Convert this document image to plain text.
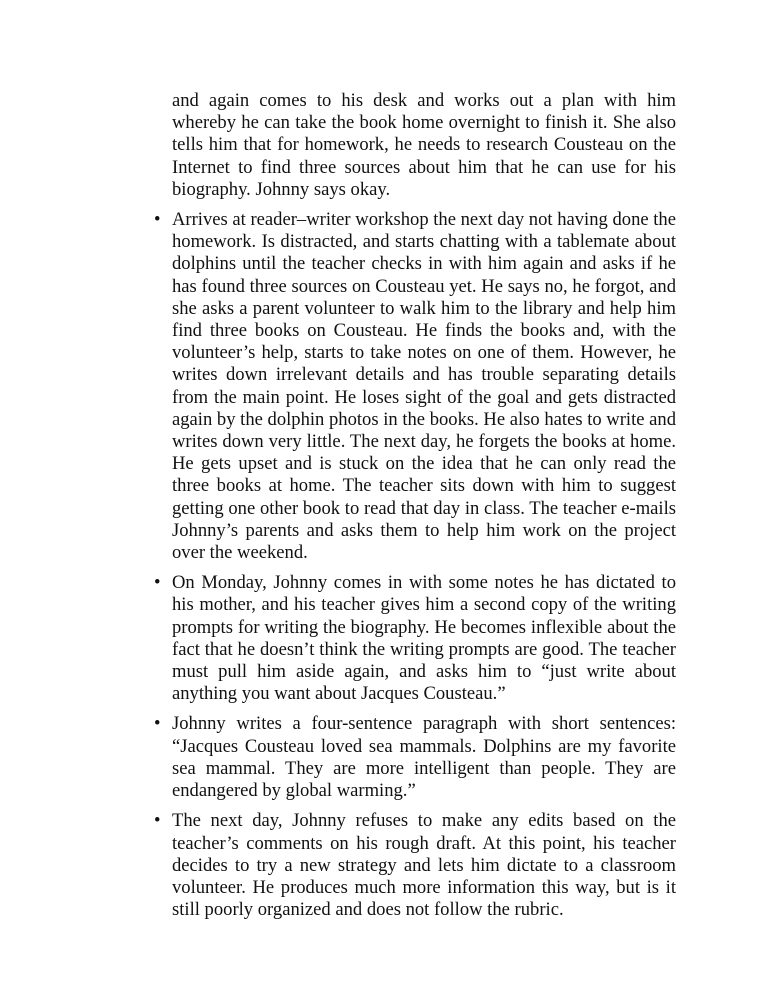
and again comes to his desk and works out a plan with him whereby he can take the book home overnight to finish it. She also tells him that for homework, he needs to research Cousteau on the Internet to find three sources about him that he can use for his biography. Johnny says okay.

• Arrives at reader–writer workshop the next day not having done the homework. Is distracted, and starts chatting with a tablemate about dolphins until the teacher checks in with him again and asks if he has found three sources on Cousteau yet. He says no, he forgot, and she asks a parent volunteer to walk him to the library and help him find three books on Cousteau. He finds the books and, with the volunteer’s help, starts to take notes on one of them. However, he writes down irrelevant details and has trouble separating details from the main point. He loses sight of the goal and gets distracted again by the dolphin photos in the books. He also hates to write and writes down very little. The next day, he forgets the books at home. He gets upset and is stuck on the idea that he can only read the three books at home. The teacher sits down with him to suggest getting one other book to read that day in class. The teacher e-mails Johnny’s parents and asks them to help him work on the project over the weekend.

• On Monday, Johnny comes in with some notes he has dictated to his mother, and his teacher gives him a second copy of the writing prompts for writing the biography. He becomes inflexible about the fact that he doesn’t think the writing prompts are good. The teacher must pull him aside again, and asks him to “just write about anything you want about Jacques Cousteau.”

• Johnny writes a four-sentence paragraph with short sentences: “Jacques Cousteau loved sea mammals. Dolphins are my favorite sea mammal. They are more intelligent than people. They are endangered by global warming.”

• The next day, Johnny refuses to make any edits based on the teacher’s comments on his rough draft. At this point, his teacher decides to try a new strategy and lets him dictate to a classroom volunteer. He produces much more information this way, but is it still poorly organized and does not follow the rubric.
